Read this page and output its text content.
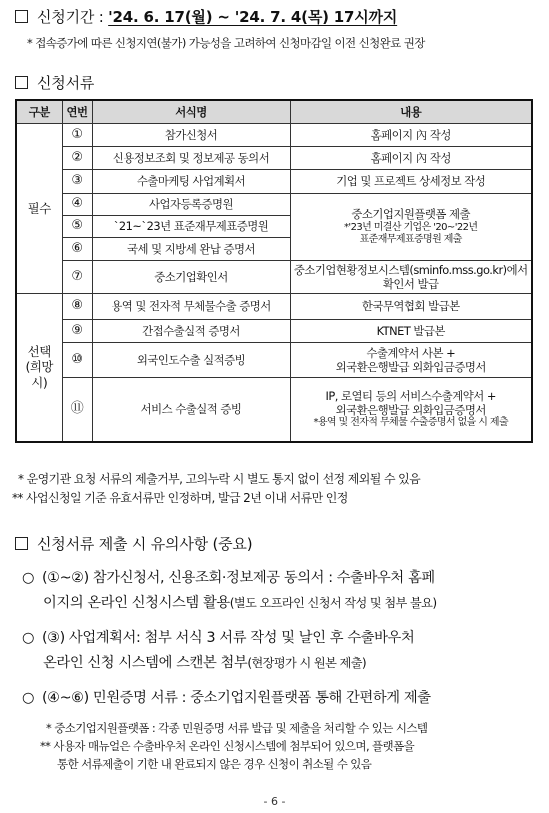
신청기간 : '24. 6. 17(월) ~ '24. 7. 4(목) 17시까지
* 접속증가에 따른 신청지연(불가) 가능성을 고려하여 신청마감일 이전 신청완료 권장
신청서류
구분	연번	서식명	내용
필수	①	참가신청서	홈페이지 內 작성
	②	신용정보조회 및 정보제공 동의서	홈페이지 內 작성
	③	수출마케팅 사업계획서	기업 및 프로젝트 상세정보 작성
	④	사업자등록증명원	중소기업지원플랫폼 제출
*'23년 미결산 기업은 '20~'22년
표준재무제표증명원 제출

	⑤	`21~`23년 표준재무제표증명원	
	⑥	국세 및 지방세 완납 증명서	
	⑦	중소기업확인서	중소기업현황정보시스템(sminfo.mss.go.kr)에서
확인서 발급

선택
(희망시)	⑧	용역 및 전자적 무체물수출 증명서	한국무역협회 발급본
	⑨	간접수출실적 증명서	KTNET 발급본
	⑩	외국인도수출 실적증빙	수출계약서 사본 +
외국환은행발급 외화입금증명서

	⑪	서비스 수출실적 증빙	IP, 로열티 등의 서비스수출계약서 +
외국환은행발급 외화입금증명서
*용역 및 전자적 무체물 수출증명서 없을 시 제출
* 운영기관 요청 서류의 제출거부, 고의누락 시 별도 통지 없이 선정 제외될 수 있음
** 사업신청일 기준 유효서류만 인정하며, 발급 2년 이내 서류만 인정
신청서류 제출 시 유의사항 (중요)
○ (①~②) 참가신청서, 신용조회·정보제공 동의서 : 수출바우처 홈페
이지의 온라인 신청시스템 활용(별도 오프라인 신청서 작성 및 첨부 불요)
○ (③) 사업계획서: 첨부 서식 3 서류 작성 및 날인 후 수출바우처
온라인 신청 시스템에 스캔본 첨부(현장평가 시 원본 제출)
○ (④~⑥) 민원증명 서류 : 중소기업지원플랫폼 통해 간편하게 제출
* 중소기업지원플랫폼 : 각종 민원증명 서류 발급 및 제출을 처리할 수 있는 시스템
** 사용자 매뉴얼은 수출바우처 온라인 신청시스템에 첨부되어 있으며, 플랫폼을
통한 서류제출이 기한 내 완료되지 않은 경우 신청이 취소될 수 있음
- 6 -
